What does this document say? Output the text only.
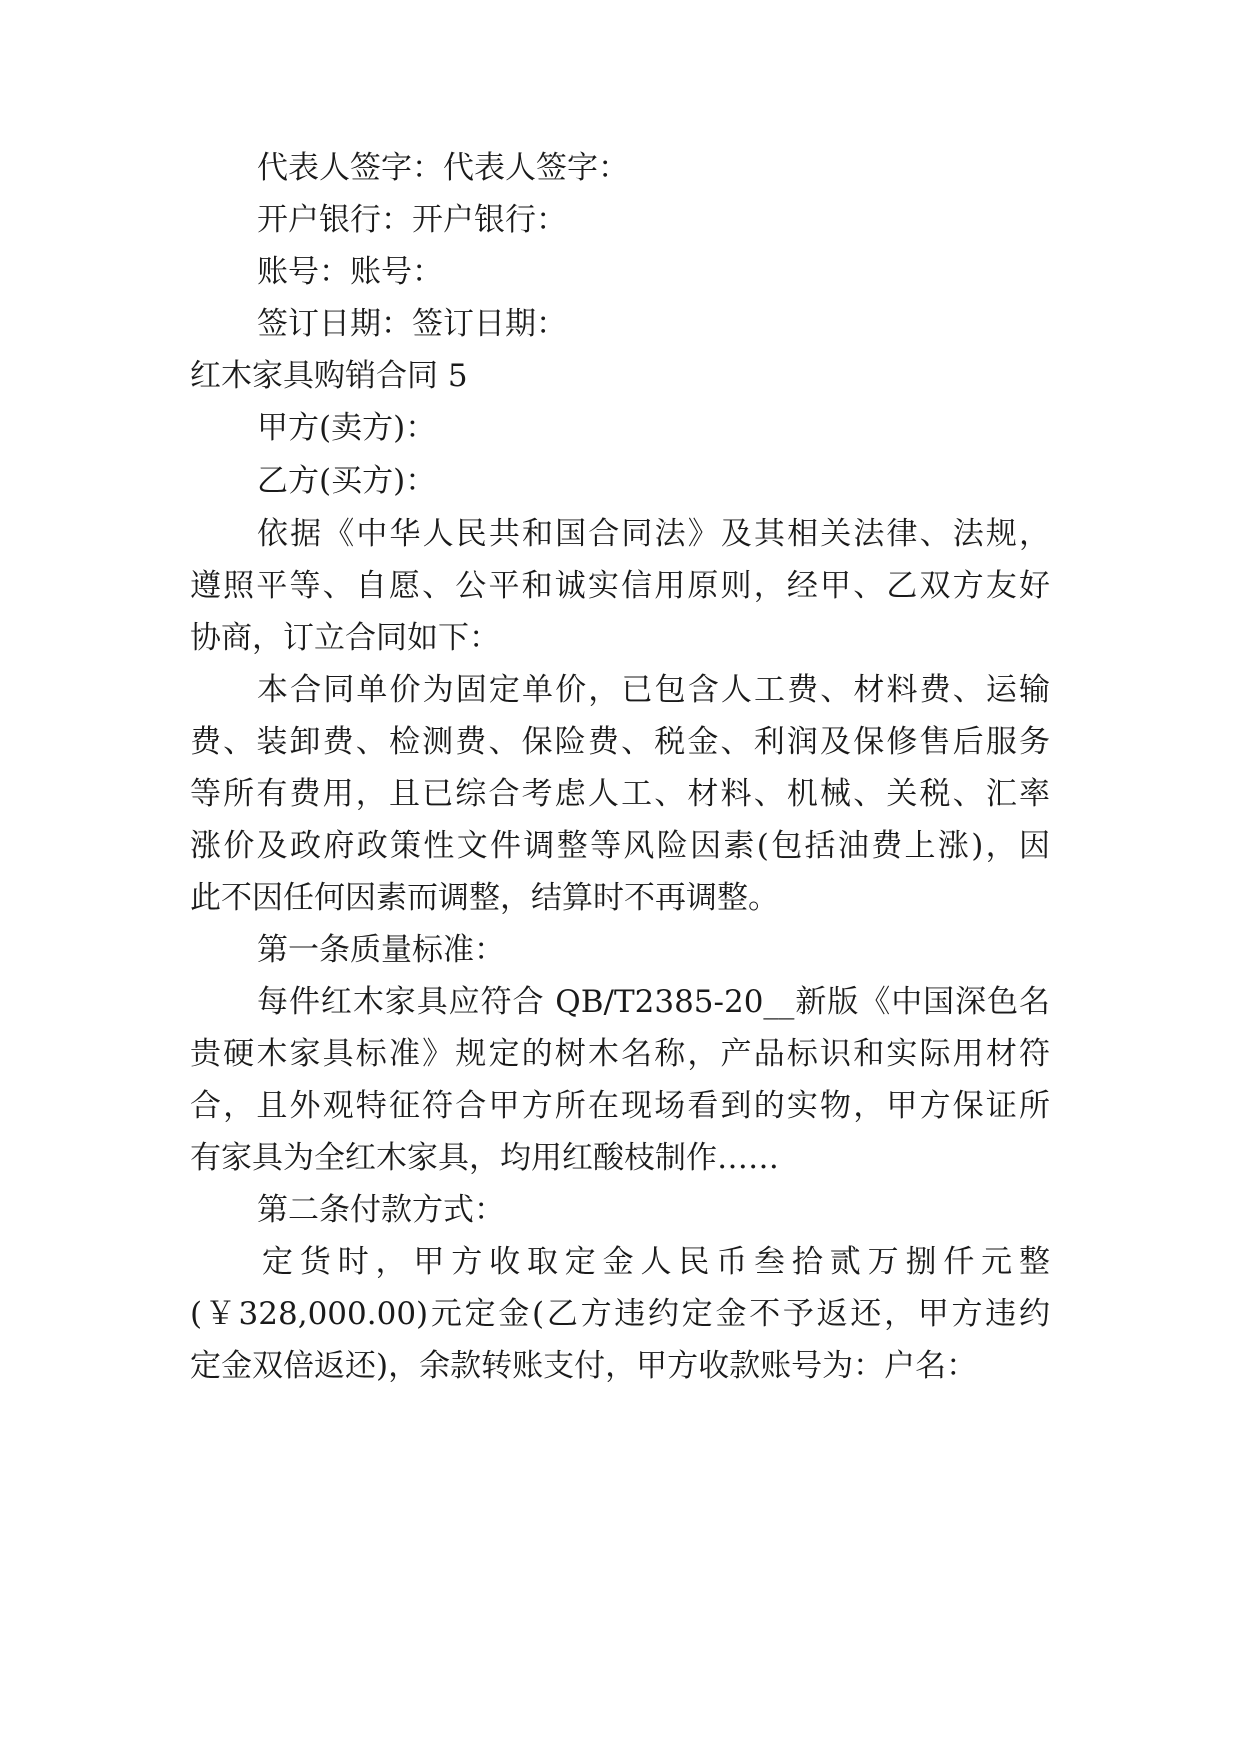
代表人签字：代表人签字：
开户银行：开户银行：
账号：账号：
签订日期：签订日期：
红木家具购销合同 5
甲方(卖方)：
乙方(买方)：
依据《中华人民共和国合同法》及其相关法律、法规，
遵照平等、自愿、公平和诚实信用原则，经甲、乙双方友好
协商，订立合同如下：
本合同单价为固定单价，已包含人工费、材料费、运输
费、装卸费、检测费、保险费、税金、利润及保修售后服务
等所有费用，且已综合考虑人工、材料、机械、关税、汇率
涨价及政府政策性文件调整等风险因素(包括油费上涨)，因
此不因任何因素而调整，结算时不再调整。
第一条质量标准：
每件红木家具应符合 QB/T2385-20__新版《中国深色名
贵硬木家具标准》规定的树木名称，产品标识和实际用材符
合，且外观特征符合甲方所在现场看到的实物，甲方保证所
有家具为全红木家具，均用红酸枝制作……
第二条付款方式：
定货时，甲方收取定金人民币叁拾贰万捌仟元整
(￥328,000.00)元定金(乙方违约定金不予返还，甲方违约
定金双倍返还)，余款转账支付，甲方收款账号为：户名：
